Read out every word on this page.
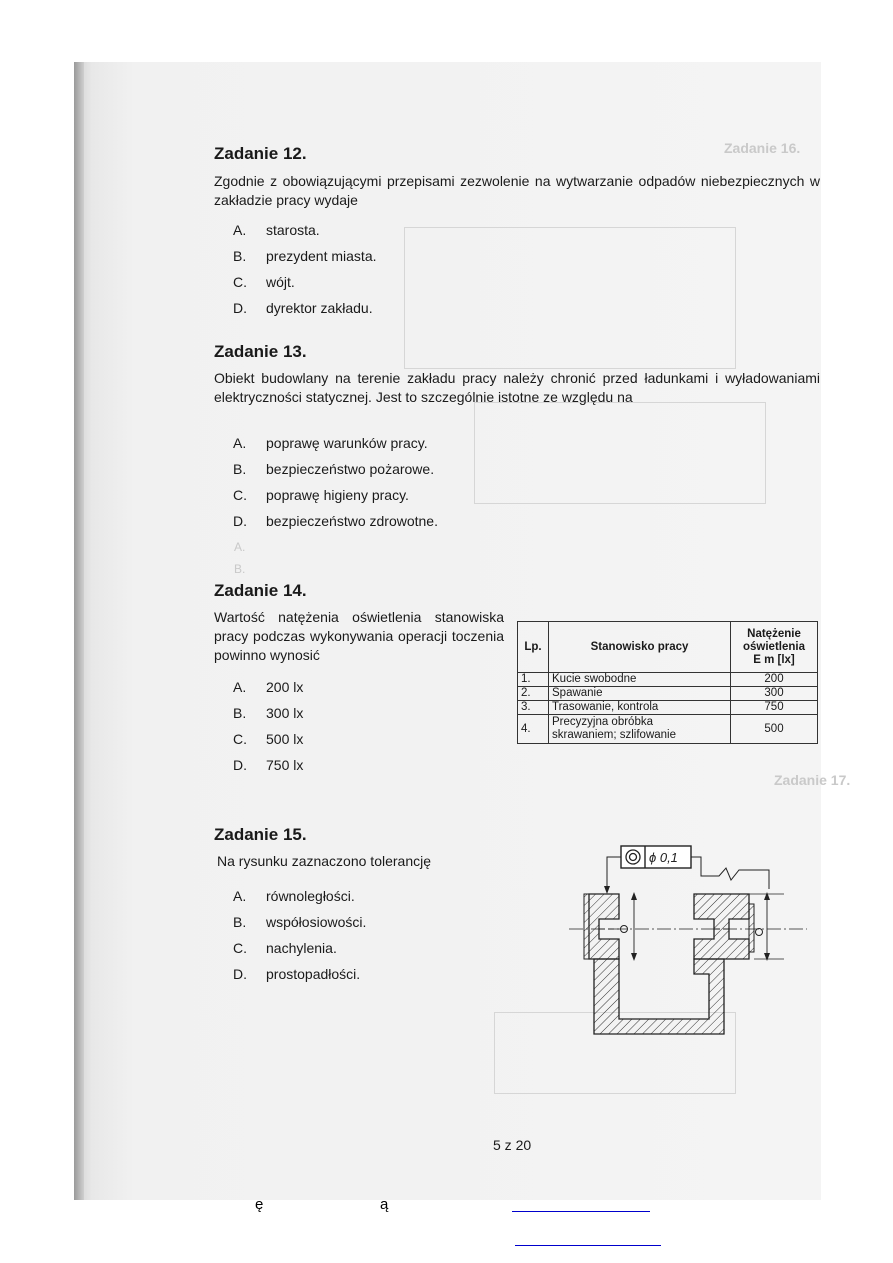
Zadanie 16.
A.
B.
Zadanie 17.
Zadanie 12.
Zgodnie z obowiązującymi przepisami zezwolenie na wytwarzanie odpadów niebezpiecznych w zakładzie pracy wydaje
A. starosta.
B. prezydent miasta.
C. wójt.
D. dyrektor zakładu.
Zadanie 13.
Obiekt budowlany na terenie zakładu pracy należy chronić przed ładunkami i wyładowaniami elektryczności statycznej. Jest to szczególnie istotne ze względu na
A. poprawę warunków pracy.
B. bezpieczeństwo pożarowe.
C. poprawę higieny pracy.
D. bezpieczeństwo zdrowotne.
Zadanie 14.
Wartość natężenia oświetlenia stanowiska pracy podczas wykonywania operacji toczenia powinno wynosić
A. 200 lx
B. 300 lx
C. 500 lx
D. 750 lx
Lp.	Stanowisko pracy	Natężenie
oświetlenia
E m [lx]
1.	Kucie swobodne	200
2.	Spawanie	300
3.	Trasowanie, kontrola	750
4.	Precyzyjna obróbka
skrawaniem; szlifowanie	500
Zadanie 15.
Na rysunku zaznaczono tolerancję
A. równoległości.
B. współosiowości.
C. nachylenia.
D. prostopadłości.
ϕ 0,1
5 z 20
ę	ą
